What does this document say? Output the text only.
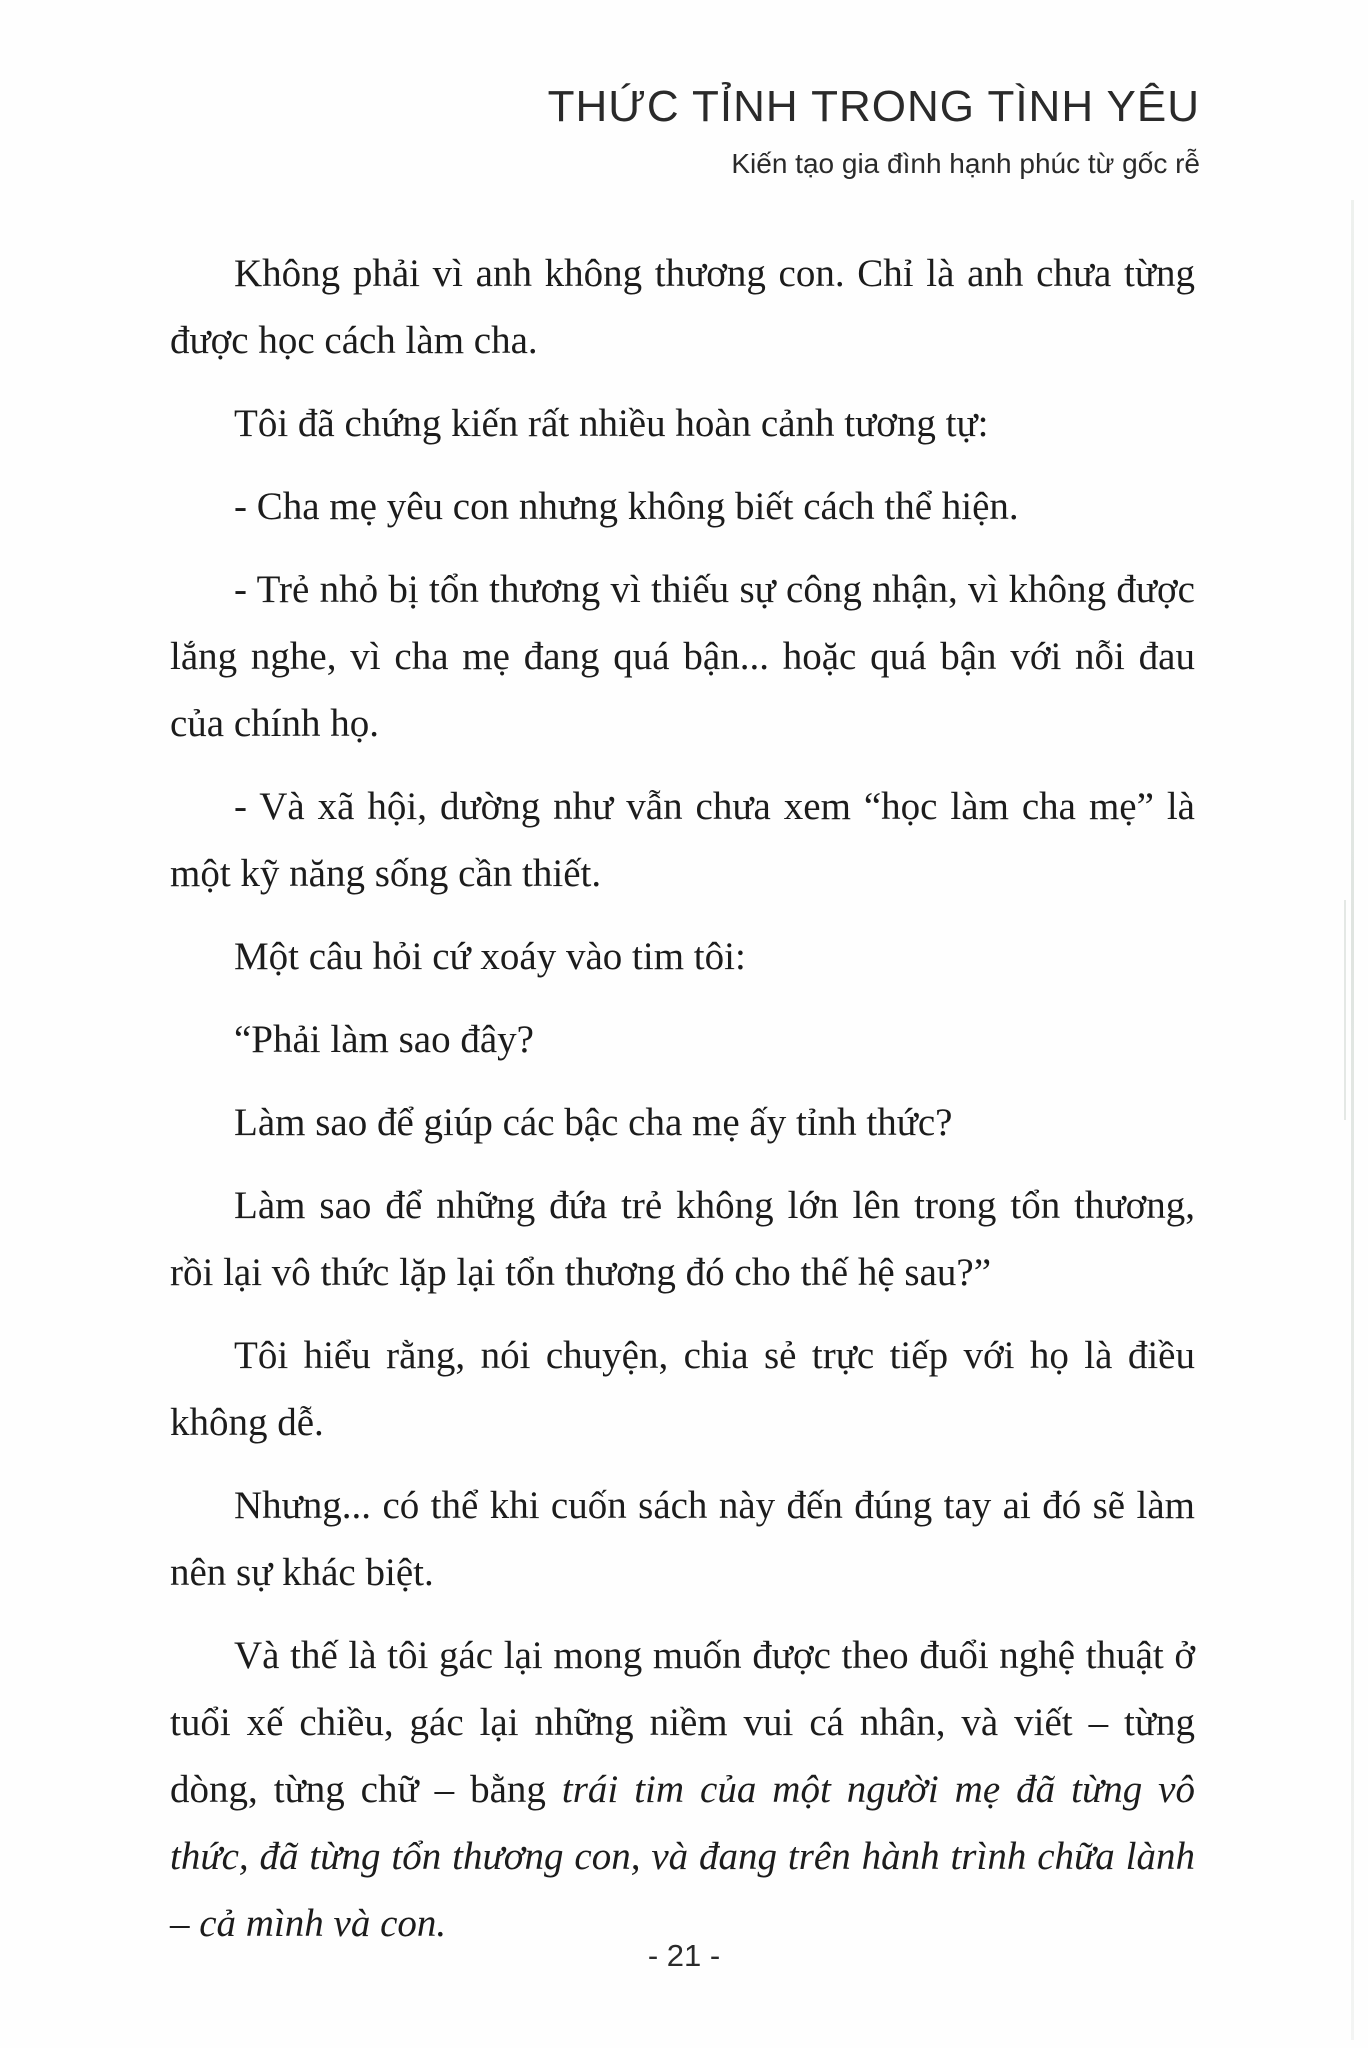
THỨC TỈNH TRONG TÌNH YÊU
Kiến tạo gia đình hạnh phúc từ gốc rễ

Không phải vì anh không thương con. Chỉ là anh chưa từng được học cách làm cha.

Tôi đã chứng kiến rất nhiều hoàn cảnh tương tự:

- Cha mẹ yêu con nhưng không biết cách thể hiện.

- Trẻ nhỏ bị tổn thương vì thiếu sự công nhận, vì không được lắng nghe, vì cha mẹ đang quá bận... hoặc quá bận với nỗi đau của chính họ.

- Và xã hội, dường như vẫn chưa xem “học làm cha mẹ” là một kỹ năng sống cần thiết.

Một câu hỏi cứ xoáy vào tim tôi:

“Phải làm sao đây?

Làm sao để giúp các bậc cha mẹ ấy tỉnh thức?

Làm sao để những đứa trẻ không lớn lên trong tổn thương, rồi lại vô thức lặp lại tổn thương đó cho thế hệ sau?”

Tôi hiểu rằng, nói chuyện, chia sẻ trực tiếp với họ là điều không dễ.

Nhưng... có thể khi cuốn sách này đến đúng tay ai đó sẽ làm nên sự khác biệt.

Và thế là tôi gác lại mong muốn được theo đuổi nghệ thuật ở tuổi xế chiều, gác lại những niềm vui cá nhân, và viết – từng dòng, từng chữ – bằng trái tim của một người mẹ đã từng vô thức, đã từng tổn thương con, và đang trên hành trình chữa lành – cả mình và con.

- 21 -
